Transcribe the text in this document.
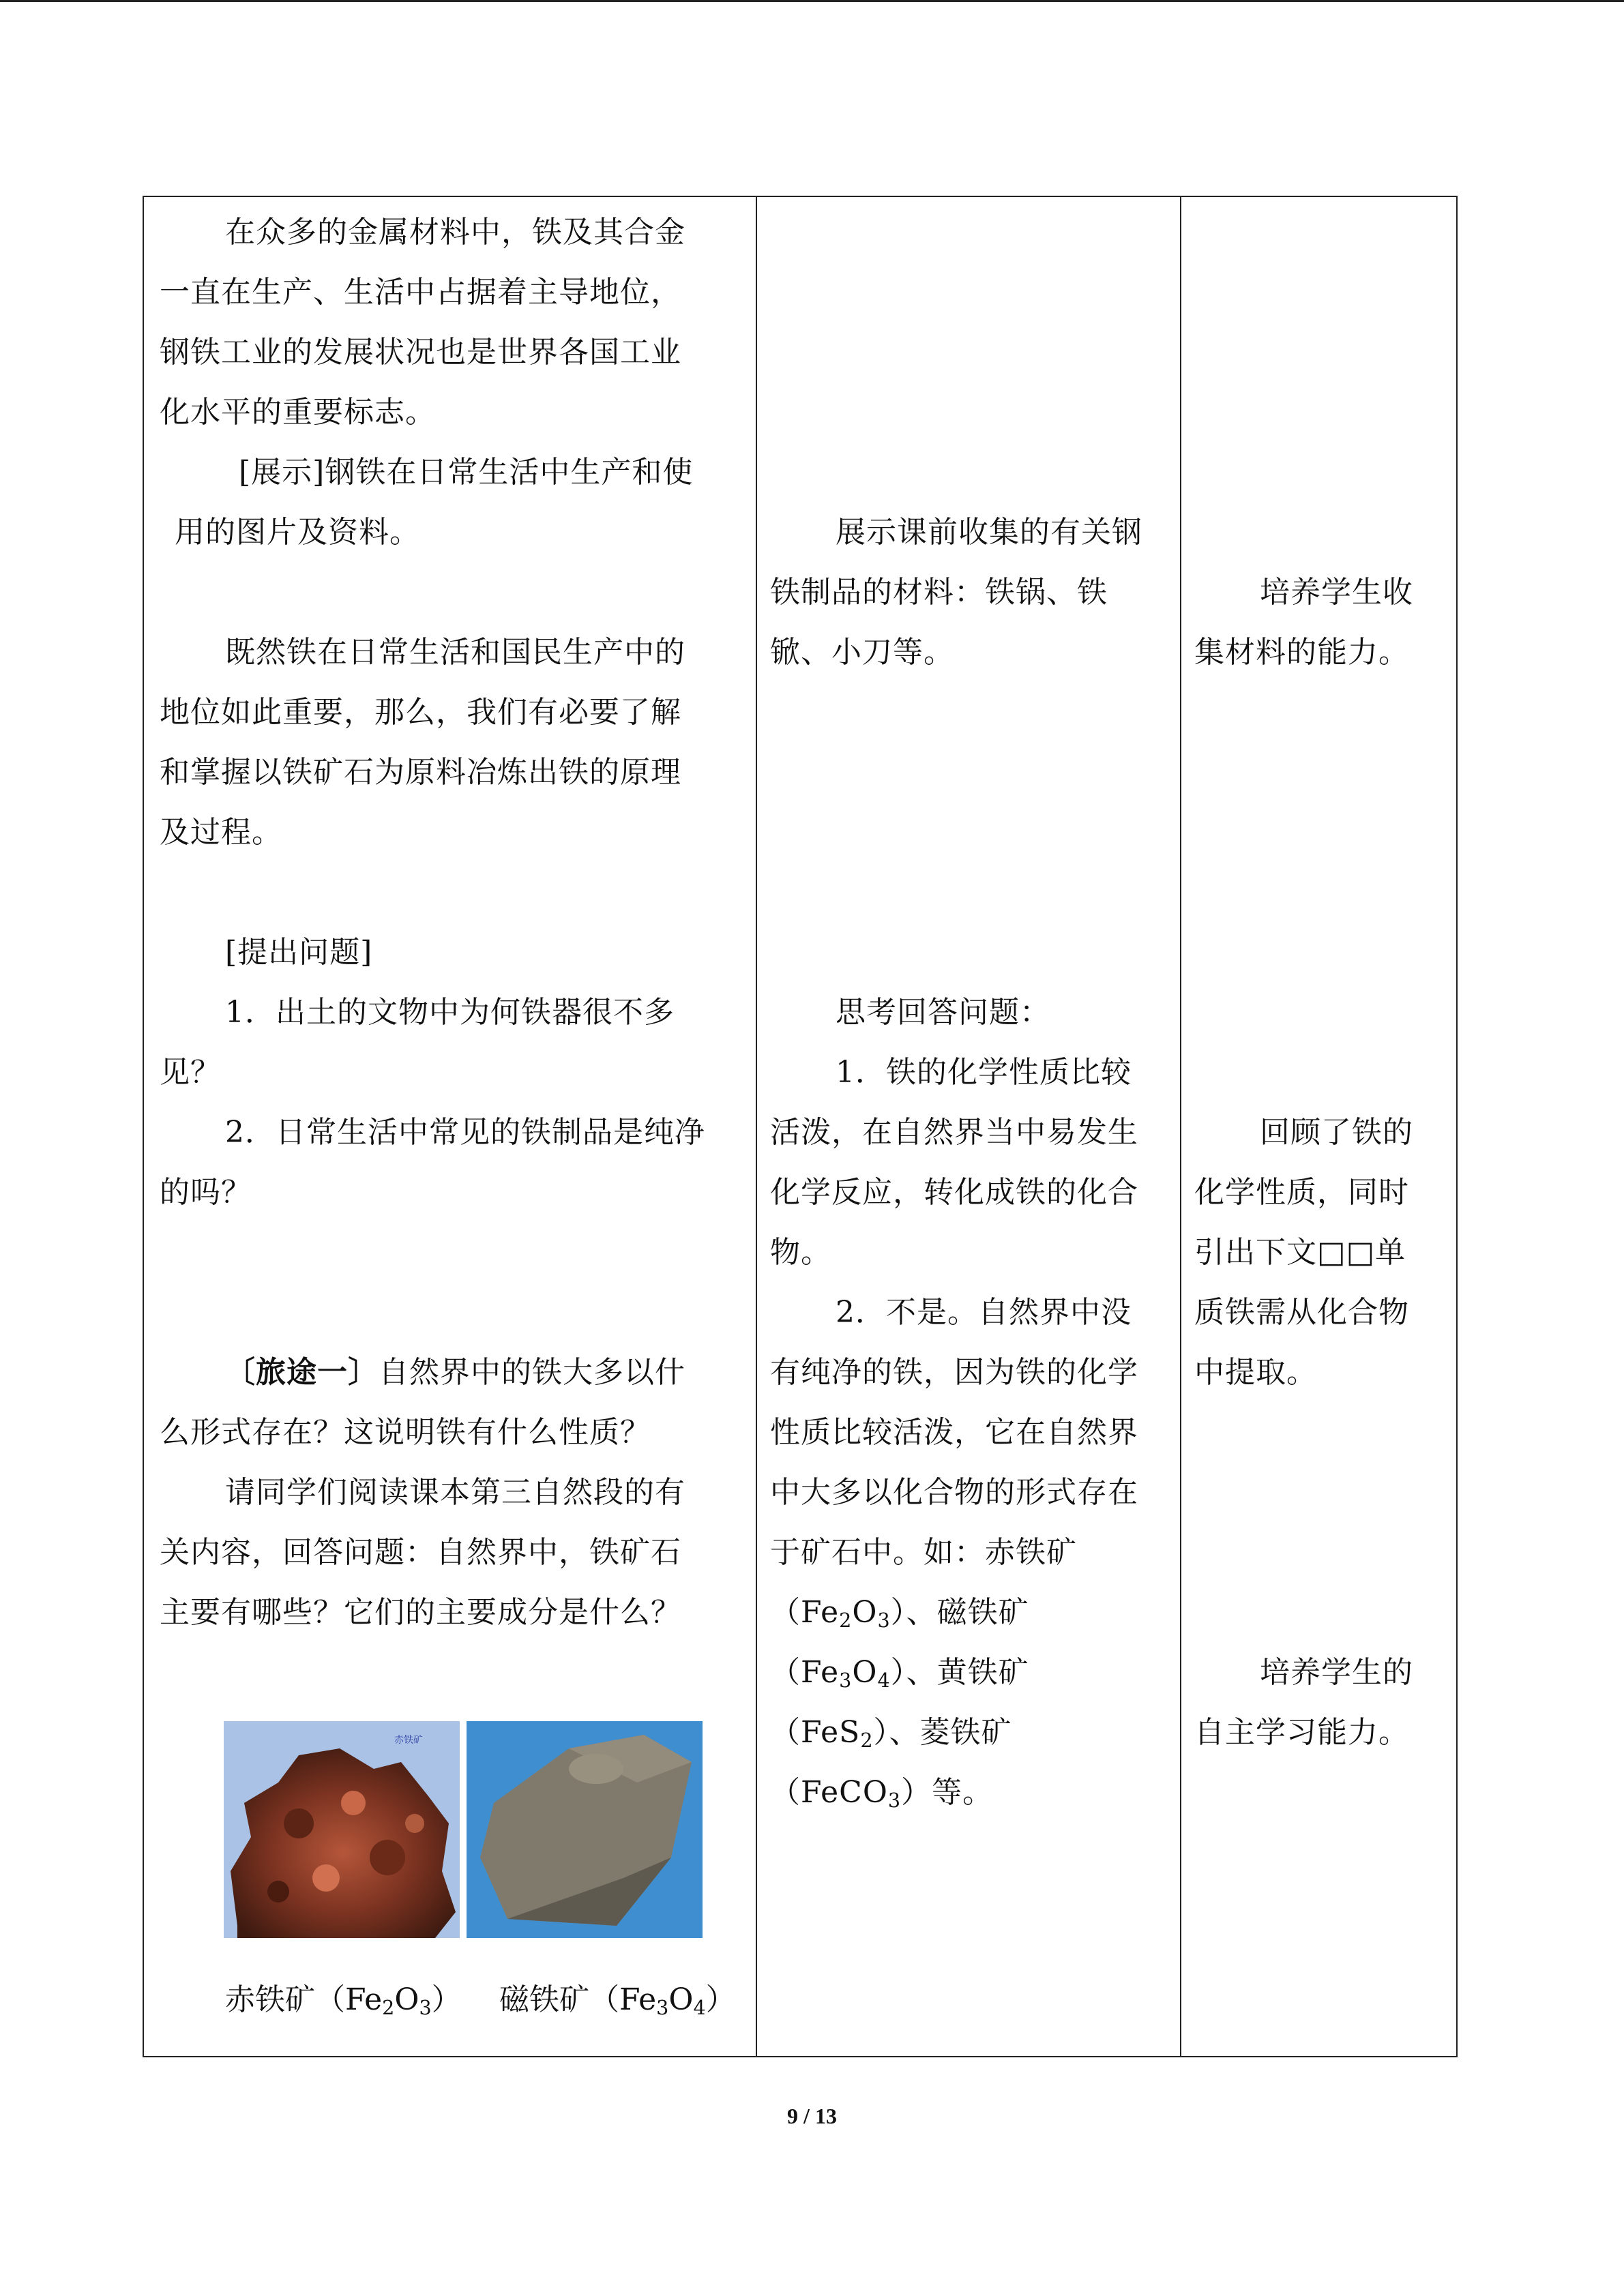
在众多的金属材料中，铁及其合金

一直在生产、生活中占据着主导地位，

钢铁工业的发展状况也是世界各国工业

化水平的重要标志。

[展示]钢铁在日常生活中生产和使

用的图片及资料。

既然铁在日常生活和国民生产中的

地位如此重要，那么，我们有必要了解

和掌握以铁矿石为原料冶炼出铁的原理

及过程。

[提出问题]

1．出土的文物中为何铁器很不多

见？

2．日常生活中常见的铁制品是纯净

的吗？

〔旅途一〕自然界中的铁大多以什

么形式存在？这说明铁有什么性质？

请同学们阅读课本第三自然段的有

关内容，回答问题：自然界中，铁矿石

主要有哪些？它们的主要成分是什么？

赤铁矿
赤铁矿$(Fe_2O_3)$ 磁铁矿$(Fe_3O_4)$

展示课前收集的有关钢

铁制品的材料：铁锅、铁

锨、小刀等。

思考回答问题：

1．铁的化学性质比较

活泼，在自然界当中易发生

化学反应，转化成铁的化合

物。

2．不是。自然界中没

有纯净的铁，因为铁的化学

性质比较活泼，它在自然界

中大多以化合物的形式存在

于矿石中。如：赤铁矿

$(Fe_2O_3)$、磁铁矿

$(Fe_3O_4)$、黄铁矿

（FeS$_2$）、菱铁矿

（FeCO$_3$）等。

培养学生收

集材料的能力。

回顾了铁的

化学性质，同时

引出下文□□单

质铁需从化合物

中提取。

培养学生的

自主学习能力。

9 / 13
